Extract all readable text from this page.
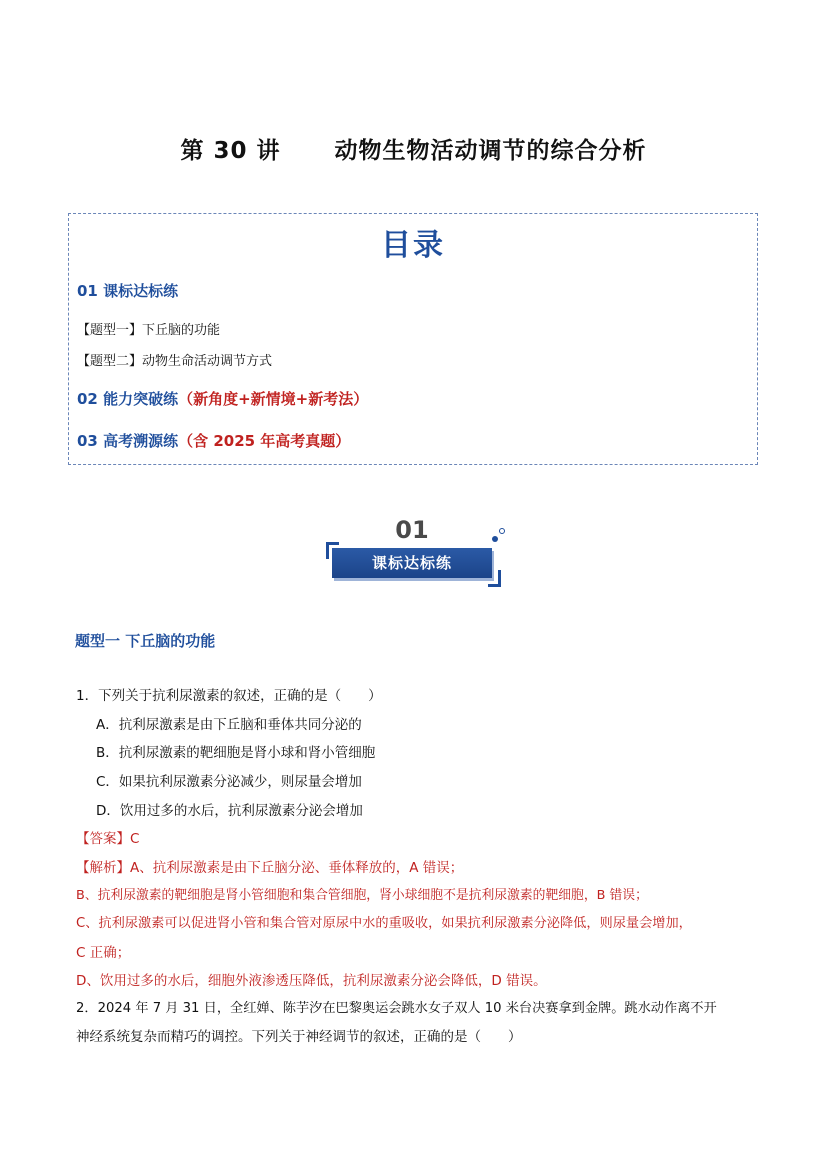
第 30 讲      动物生物活动调节的综合分析
目录
01 课标达标练
【题型一】下丘脑的功能
【题型二】动物生命活动调节方式
02 能力突破练（新角度+新情境+新考法）
03 高考溯源练（含 2025 年高考真题）
01
课标达标练
题型一 下丘脑的功能
1．下列关于抗利尿激素的叙述，正确的是（　　）
A．抗利尿激素是由下丘脑和垂体共同分泌的
B．抗利尿激素的靶细胞是肾小球和肾小管细胞
C．如果抗利尿激素分泌减少，则尿量会增加
D．饮用过多的水后，抗利尿激素分泌会增加
【答案】C
【解析】A、抗利尿激素是由下丘脑分泌、垂体释放的，A 错误；
B、抗利尿激素的靶细胞是肾小管细胞和集合管细胞，肾小球细胞不是抗利尿激素的靶细胞，B 错误；
C、抗利尿激素可以促进肾小管和集合管对原尿中水的重吸收，如果抗利尿激素分泌降低，则尿量会增加，
C 正确；
D、饮用过多的水后，细胞外液渗透压降低，抗利尿激素分泌会降低，D 错误。
2．2024 年 7 月 31 日，全红婵、陈芋汐在巴黎奥运会跳水女子双人 10 米台决赛拿到金牌。跳水动作离不开
神经系统复杂而精巧的调控。下列关于神经调节的叙述，正确的是（　　）
